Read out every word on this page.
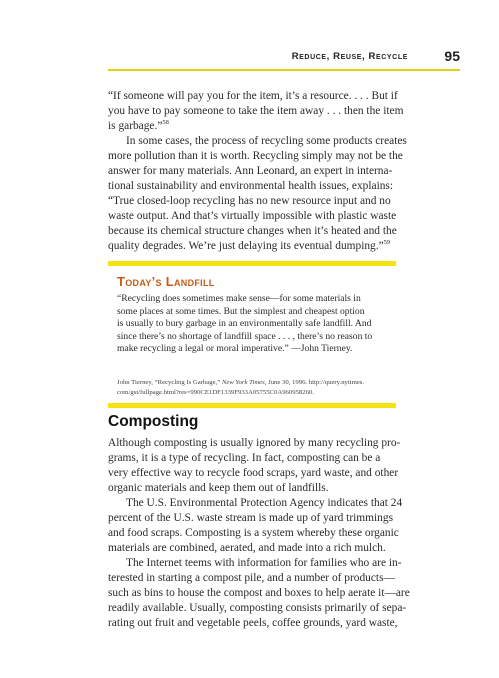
Reduce, Reuse, Recycle	95

“If someone will pay you for the item, it’s a resource. . . . But if
you have to pay someone to take the item away . . . then the item
is garbage.”$^{58}$

In some cases, the process of recycling some products creates
more pollution than it is worth. Recycling simply may not be the
answer for many materials. Ann Leonard, an expert in interna-
tional sustainability and environmental health issues, explains:
“True closed-loop recycling has no new resource input and no
waste output. And that’s virtually impossible with plastic waste
because its chemical structure changes when it’s heated and the
quality degrades. We’re just delaying its eventual dumping.”$^{59}$

Today’s Landfill
“Recycling does sometimes make sense—for some materials in
some places at some times. But the simplest and cheapest option
is usually to bury garbage in an environmentally safe landfill. And
since there’s no shortage of landfill space . . . , there’s no reason to
make recycling a legal or moral imperative.” —John Tierney.
John Tierney, “Recycling Is Garbage,” New York Times, June 30, 1996. http://query.nytimes.
com/gst/fullpage.html?res=990CE1DF1339F933A05755C0A960958260.
Composting

Although composting is usually ignored by many recycling pro-
grams, it is a type of recycling. In fact, composting can be a
very effective way to recycle food scraps, yard waste, and other
organic materials and keep them out of landfills.

The U.S. Environmental Protection Agency indicates that 24
percent of the U.S. waste stream is made up of yard trimmings
and food scraps. Composting is a system whereby these organic
materials are combined, aerated, and made into a rich mulch.

The Internet teems with information for families who are in-
terested in starting a compost pile, and a number of products—
such as bins to house the compost and boxes to help aerate it—are
readily available. Usually, composting consists primarily of sepa-
rating out fruit and vegetable peels, coffee grounds, yard waste,
